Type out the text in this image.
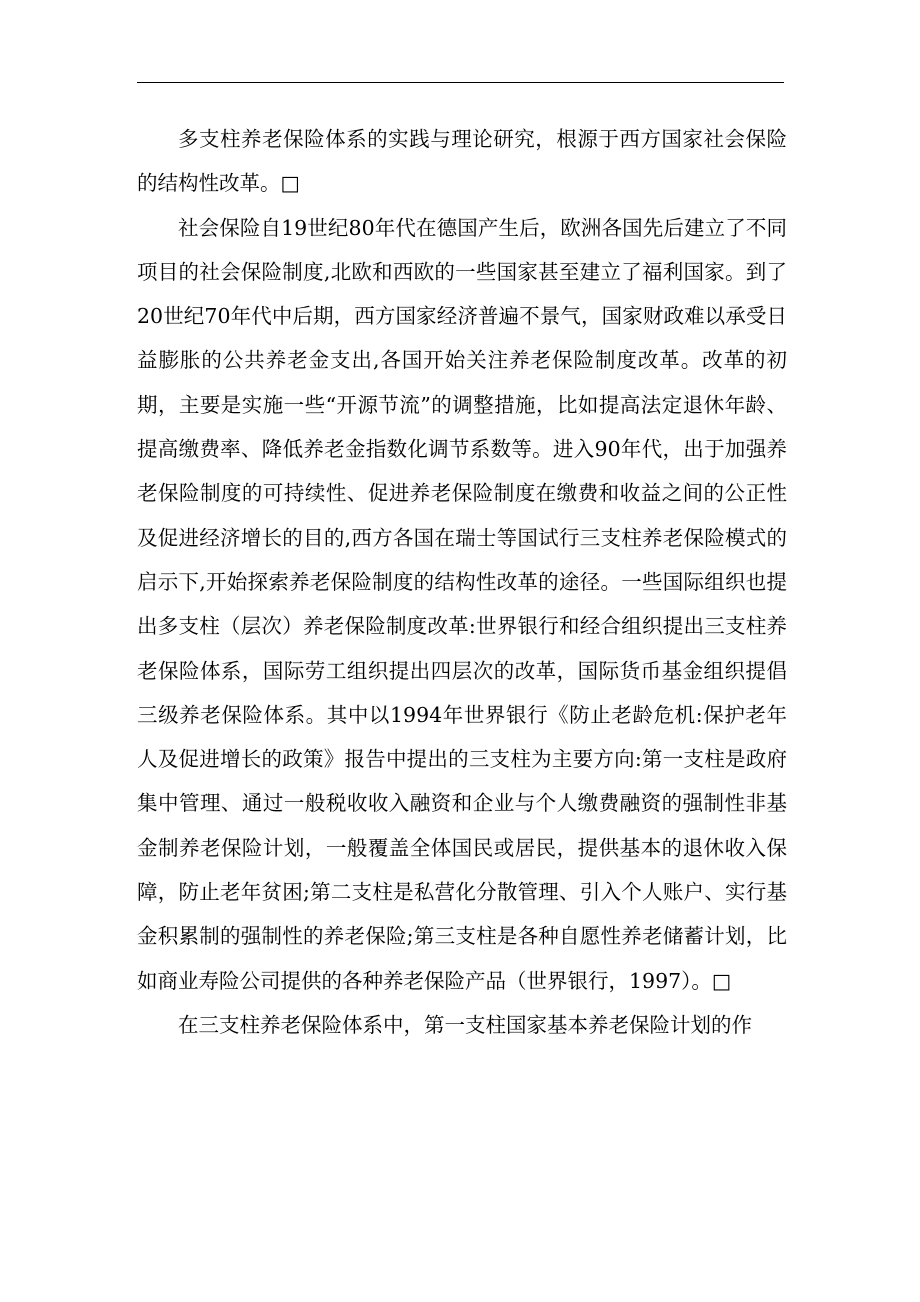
多支柱养老保险体系的实践与理论研究，根源于西方国家社会保险的结构性改革。□

社会保险自19世纪80年代在德国产生后，欧洲各国先后建立了不同项目的社会保险制度,北欧和西欧的一些国家甚至建立了福利国家。到了20世纪70年代中后期，西方国家经济普遍不景气，国家财政难以承受日益膨胀的公共养老金支出,各国开始关注养老保险制度改革。改革的初期，主要是实施一些“开源节流”的调整措施，比如提高法定退休年龄、提高缴费率、降低养老金指数化调节系数等。进入90年代，出于加强养老保险制度的可持续性、促进养老保险制度在缴费和收益之间的公正性及促进经济增长的目的,西方各国在瑞士等国试行三支柱养老保险模式的启示下,开始探索养老保险制度的结构性改革的途径。一些国际组织也提出多支柱（层次）养老保险制度改革:世界银行和经合组织提出三支柱养老保险体系，国际劳工组织提出四层次的改革，国际货币基金组织提倡三级养老保险体系。其中以1994年世界银行《防止老龄危机:保护老年人及促进增长的政策》报告中提出的三支柱为主要方向:第一支柱是政府集中管理、通过一般税收收入融资和企业与个人缴费融资的强制性非基金制养老保险计划，一般覆盖全体国民或居民，提供基本的退休收入保障，防止老年贫困;第二支柱是私营化分散管理、引入个人账户、实行基金积累制的强制性的养老保险;第三支柱是各种自愿性养老储蓄计划，比如商业寿险公司提供的各种养老保险产品（世界银行，1997）。□

在三支柱养老保险体系中，第一支柱国家基本养老保险计划的作
